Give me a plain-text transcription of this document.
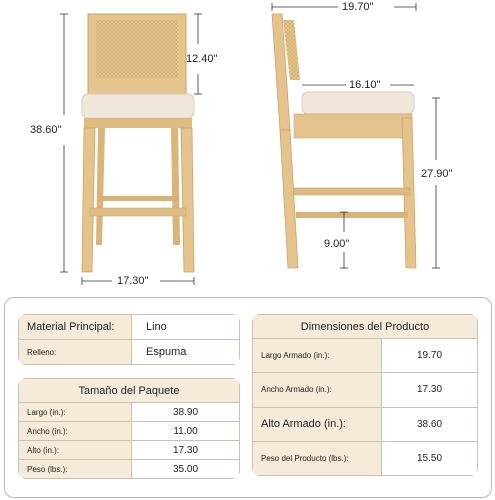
12.40"
38.60"
17.30"
19.70"
16.10"
27.90"
9.00"
Material Principal:	Lino
Relleno:	Espuma
Tamaño del Paquete	
Largo (in.):	38.90
Ancho (in.):	11.00
Alto (in.):	17.30
Peso (lbs.):	35.00
Dimensiones del Producto	
Largo Armado (in.):	19.70
Ancho Armado (in.):	17.30
Alto Armado (in.):	38.60
Peso del Producto (lbs.):	15.50
